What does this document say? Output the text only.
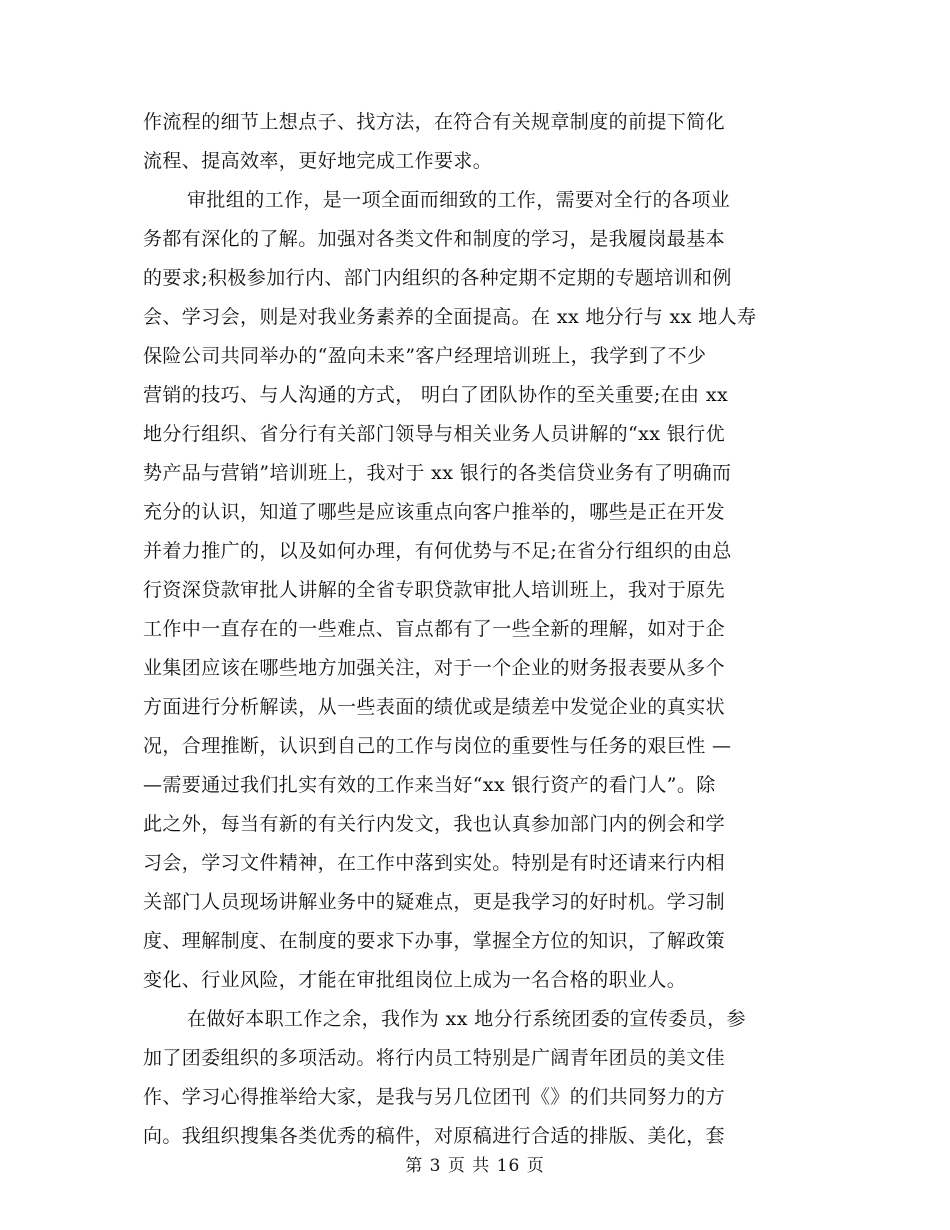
作流程的细节上想点子、找方法，在符合有关规章制度的前提下简化
流程、提高效率，更好地完成工作要求。
审批组的工作，是一项全面而细致的工作，需要对全行的各项业
务都有深化的了解。加强对各类文件和制度的学习，是我履岗最基本
的要求;积极参加行内、部门内组织的各种定期不定期的专题培训和例
会、学习会，则是对我业务素养的全面提高。在 xx 地分行与 xx 地人寿
保险公司共同举办的“盈向未来”客户经理培训班上，我学到了不少
营销的技巧、与人沟通的方式， 明白了团队协作的至关重要;在由 xx
地分行组织、省分行有关部门领导与相关业务人员讲解的“xx 银行优
势产品与营销”培训班上，我对于 xx 银行的各类信贷业务有了明确而
充分的认识，知道了哪些是应该重点向客户推举的，哪些是正在开发
并着力推广的，以及如何办理，有何优势与不足;在省分行组织的由总
行资深贷款审批人讲解的全省专职贷款审批人培训班上，我对于原先
工作中一直存在的一些难点、盲点都有了一些全新的理解，如对于企
业集团应该在哪些地方加强关注，对于一个企业的财务报表要从多个
方面进行分析解读，从一些表面的绩优或是绩差中发觉企业的真实状
况，合理推断，认识到自己的工作与岗位的重要性与任务的艰巨性 —
—需要通过我们扎实有效的工作来当好“xx 银行资产的看门人”。除
此之外，每当有新的有关行内发文，我也认真参加部门内的例会和学
习会，学习文件精神，在工作中落到实处。特别是有时还请来行内相
关部门人员现场讲解业务中的疑难点，更是我学习的好时机。学习制
度、理解制度、在制度的要求下办事，掌握全方位的知识，了解政策
变化、行业风险，才能在审批组岗位上成为一名合格的职业人。
在做好本职工作之余，我作为 xx 地分行系统团委的宣传委员，参
加了团委组织的多项活动。将行内员工特别是广阔青年团员的美文佳
作、学习心得推举给大家，是我与另几位团刊《》的们共同努力的方
向。我组织搜集各类优秀的稿件，对原稿进行合适的排版、美化，套
第 3 页 共 16 页
